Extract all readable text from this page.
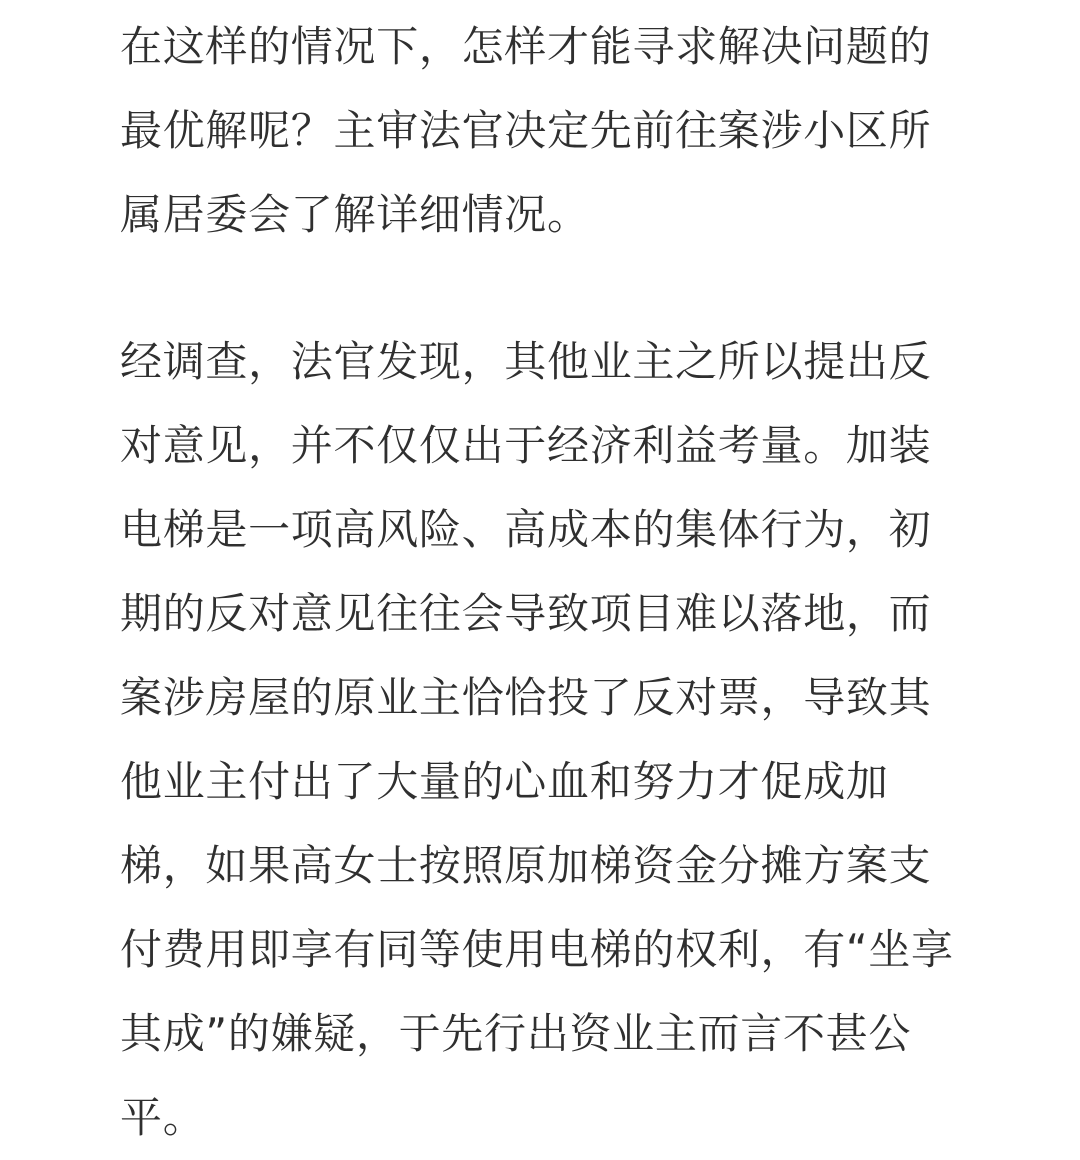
在这样的情况下，怎样才能寻求解决问题的
最优解呢？主审法官决定先前往案涉小区所
属居委会了解详细情况。
经调查，法官发现，其他业主之所以提出反
对意见，并不仅仅出于经济利益考量。加装
电梯是一项高风险、高成本的集体行为，初
期的反对意见往往会导致项目难以落地，而
案涉房屋的原业主恰恰投了反对票，导致其
他业主付出了大量的心血和努力才促成加
梯，如果高女士按照原加梯资金分摊方案支
付费用即享有同等使用电梯的权利，有“坐享
其成”的嫌疑，于先行出资业主而言不甚公
平。
